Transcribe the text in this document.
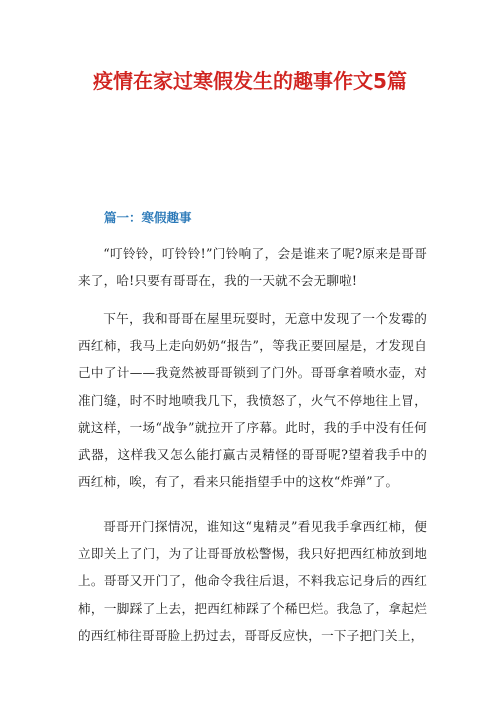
疫情在家过寒假发生的趣事作文5篇
篇一：寒假趣事

“叮铃铃，叮铃铃!”门铃响了，会是谁来了呢?原来是哥哥来了，哈!只要有哥哥在，我的一天就不会无聊啦!

下午，我和哥哥在屋里玩耍时，无意中发现了一个发霉的西红柿，我马上走向奶奶“报告”，等我正要回屋是，才发现自己中了计——我竟然被哥哥锁到了门外。哥哥拿着喷水壶，对准门缝，时不时地喷我几下，我愤怒了，火气不停地往上冒，就这样，一场“战争”就拉开了序幕。此时，我的手中没有任何武器，这样我又怎么能打赢古灵精怪的哥哥呢?望着我手中的西红柿，唉，有了，看来只能指望手中的这枚“炸弹”了。

哥哥开门探情况，谁知这“鬼精灵”看见我手拿西红柿，便立即关上了门，为了让哥哥放松警惕，我只好把西红柿放到地上。哥哥又开门了，他命令我往后退，不料我忘记身后的西红柿，一脚踩了上去，把西红柿踩了个稀巴烂。我急了，拿起烂的西红柿往哥哥脸上扔过去，哥哥反应快，一下子把门关上，
